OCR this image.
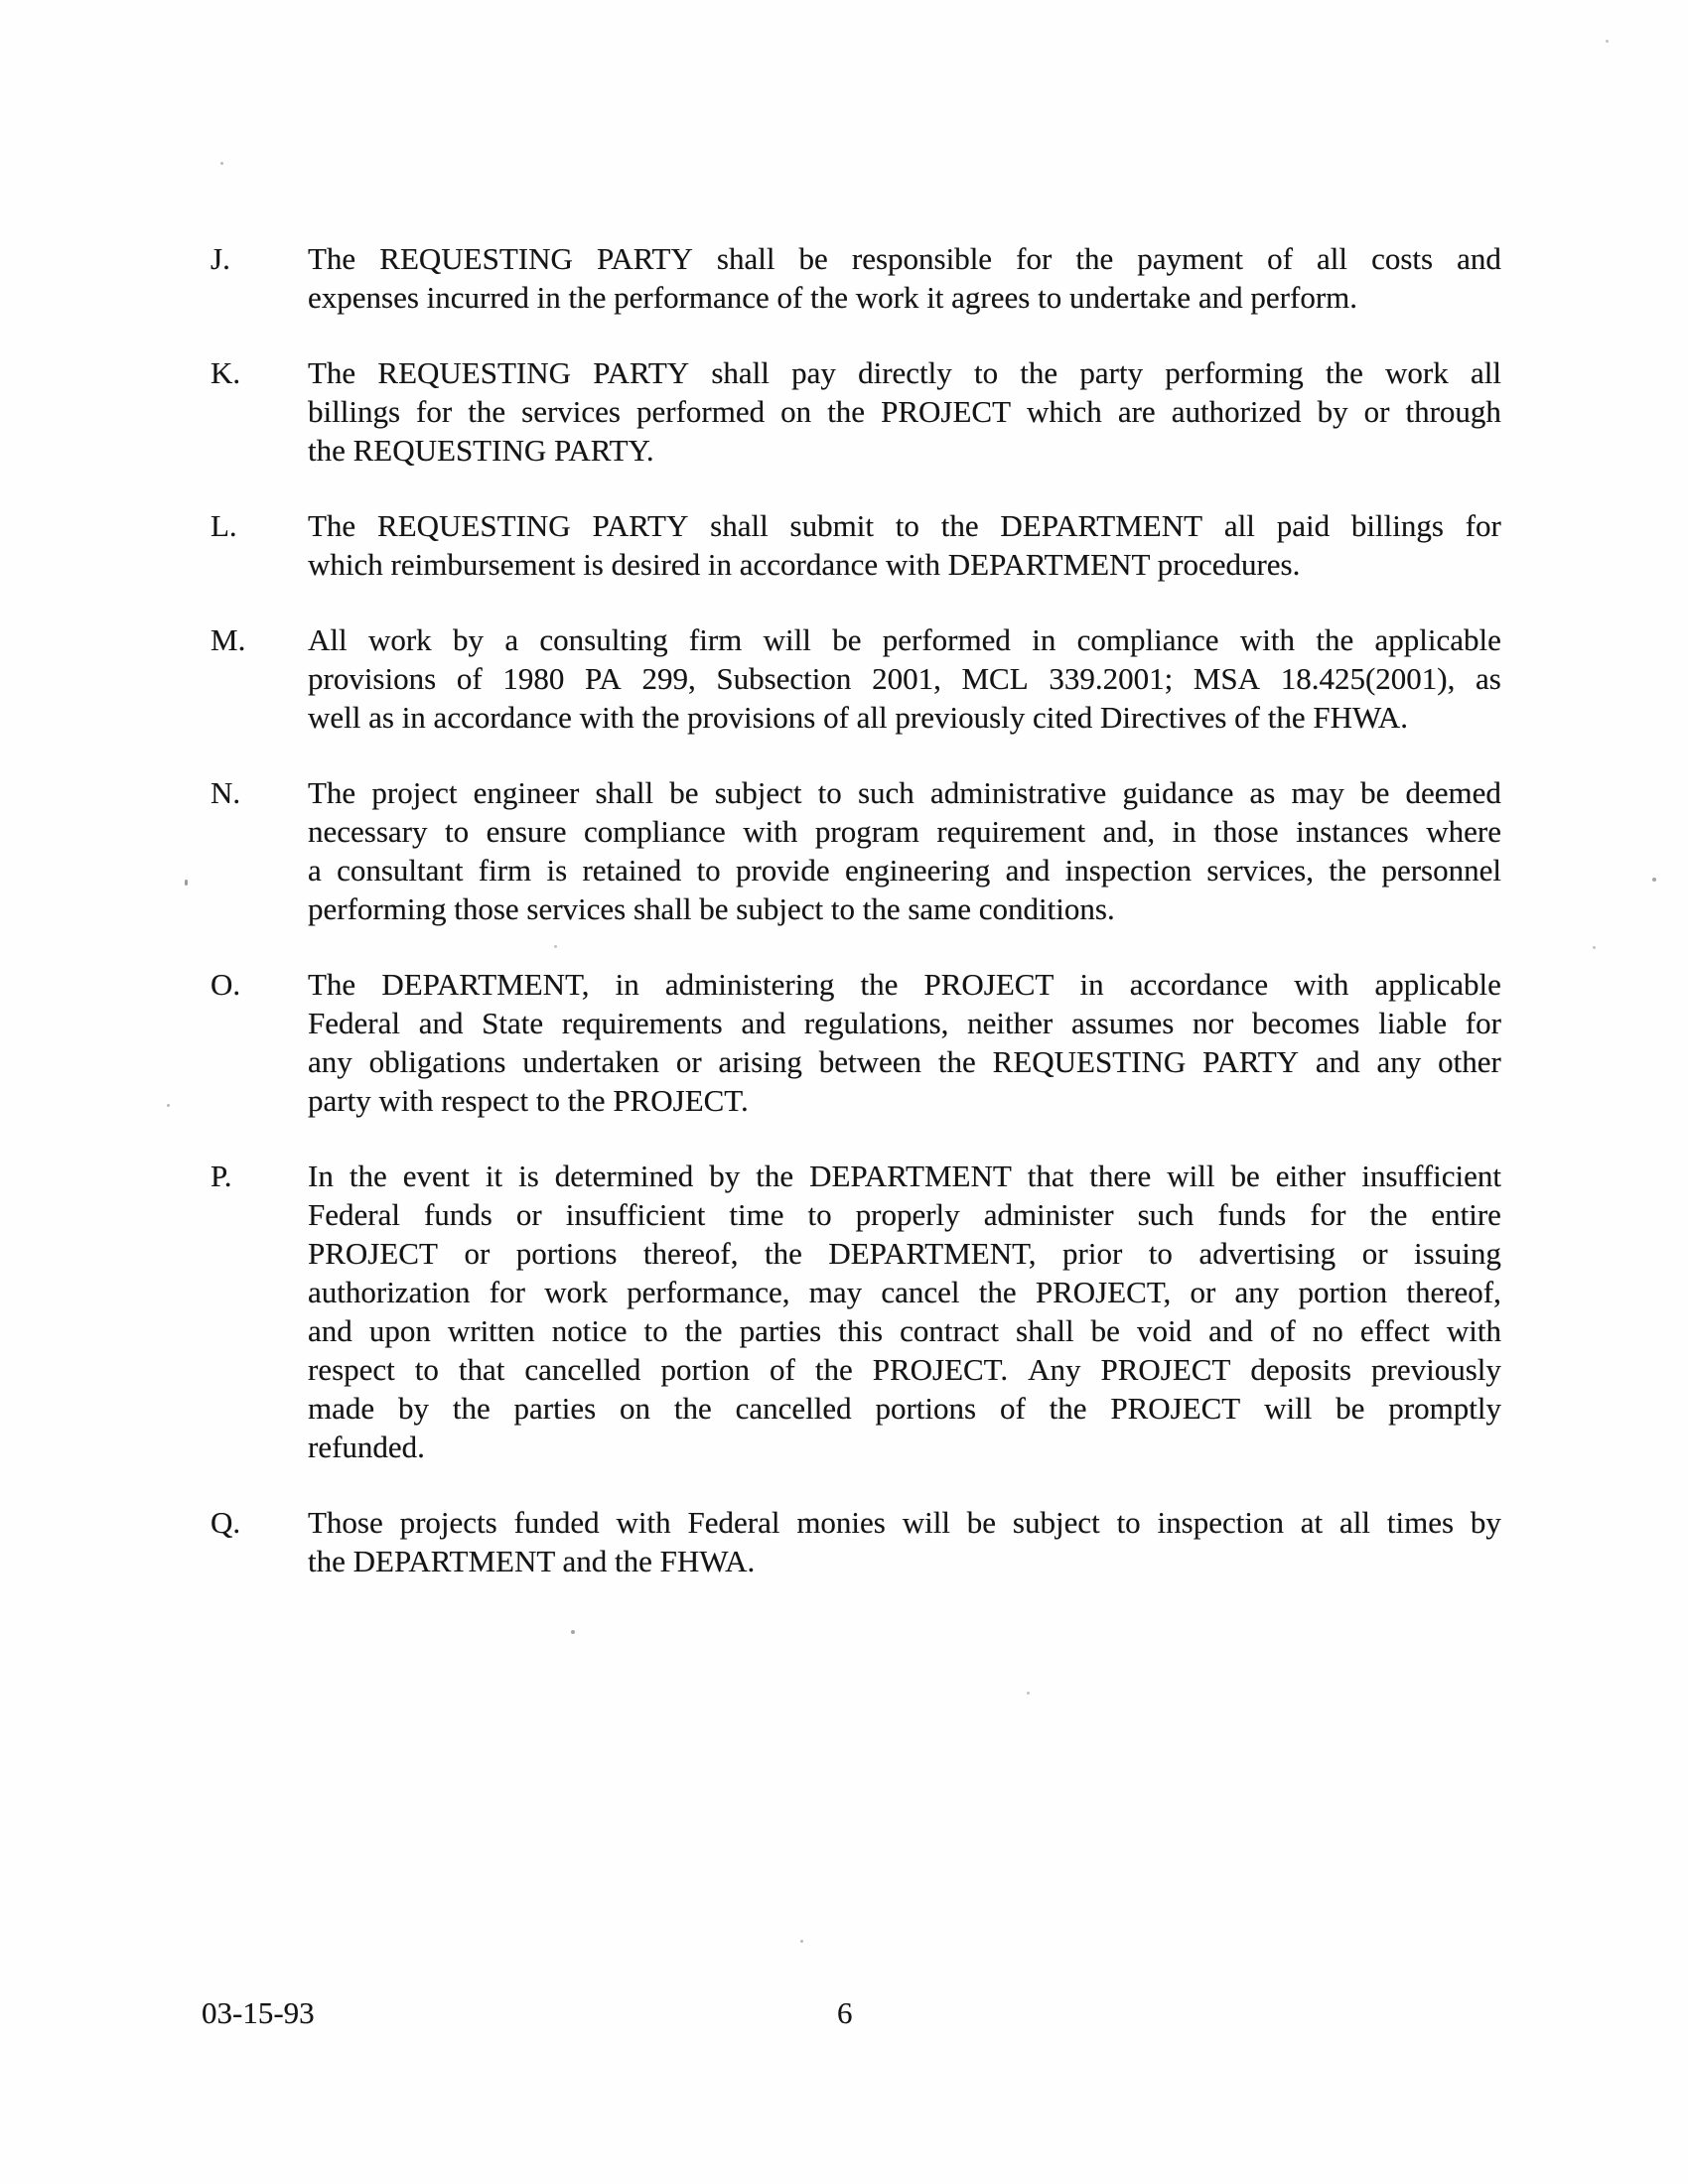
J.	The REQUESTING PARTY shall be responsible for the payment of all costs and
expenses incurred in the performance of the work it agrees to undertake and perform.
K.	The REQUESTING PARTY shall pay directly to the party performing the work all
billings for the services performed on the PROJECT which are authorized by or through
the REQUESTING PARTY.
L.	The REQUESTING PARTY shall submit to the DEPARTMENT all paid billings for
which reimbursement is desired in accordance with DEPARTMENT procedures.
M.	All work by a consulting firm will be performed in compliance with the applicable
provisions of 1980 PA 299, Subsection 2001, MCL 339.2001; MSA 18.425(2001), as
well as in accordance with the provisions of all previously cited Directives of the FHWA.
N.	The project engineer shall be subject to such administrative guidance as may be deemed
necessary to ensure compliance with program requirement and, in those instances where
a consultant firm is retained to provide engineering and inspection services, the personnel
performing those services shall be subject to the same conditions.
O.	The DEPARTMENT, in administering the PROJECT in accordance with applicable
Federal and State requirements and regulations, neither assumes nor becomes liable for
any obligations undertaken or arising between the REQUESTING PARTY and any other
party with respect to the PROJECT.
P.	In the event it is determined by the DEPARTMENT that there will be either insufficient
Federal funds or insufficient time to properly administer such funds for the entire
PROJECT or portions thereof, the DEPARTMENT, prior to advertising or issuing
authorization for work performance, may cancel the PROJECT, or any portion thereof,
and upon written notice to the parties this contract shall be void and of no effect with
respect to that cancelled portion of the PROJECT. Any PROJECT deposits previously
made by the parties on the cancelled portions of the PROJECT will be promptly
refunded.
Q.	Those projects funded with Federal monies will be subject to inspection at all times by
the DEPARTMENT and the FHWA.
03-15-93	6
